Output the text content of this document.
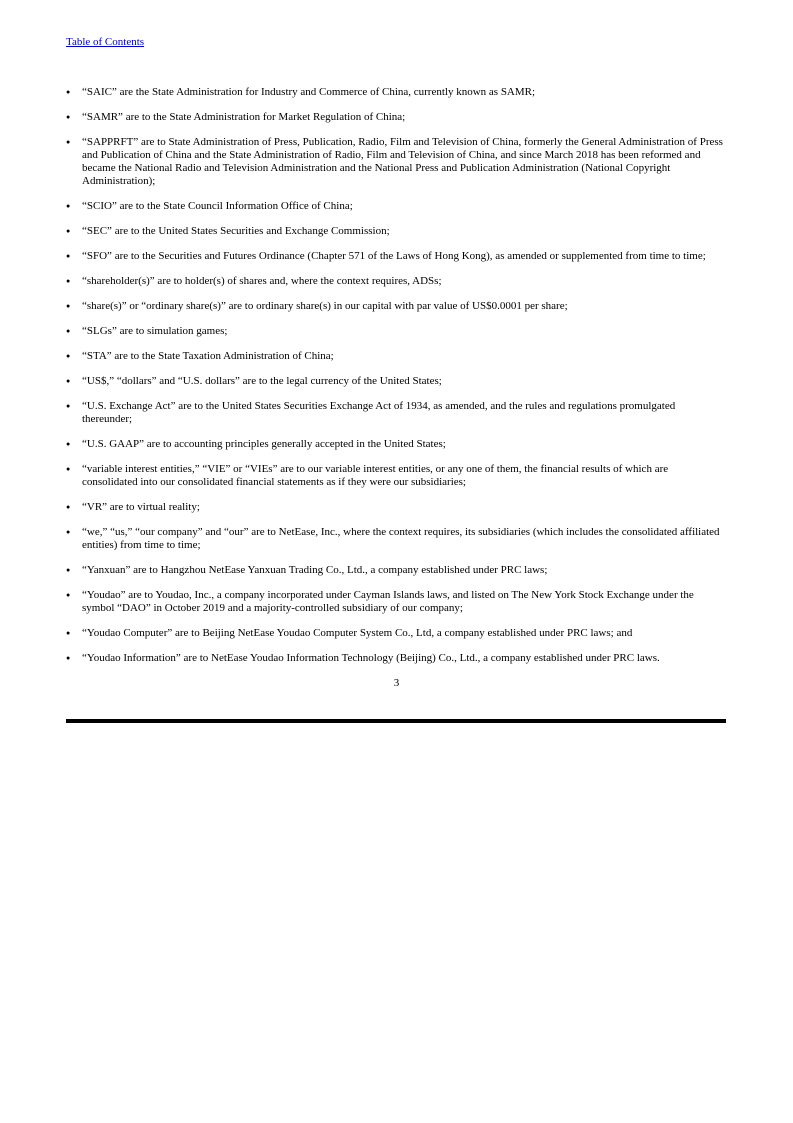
Table of Contents
● “SAIC” are the State Administration for Industry and Commerce of China, currently known as SAMR;
● “SAMR” are to the State Administration for Market Regulation of China;
● “SAPPRFT” are to State Administration of Press, Publication, Radio, Film and Television of China, formerly the General Administration of Press and Publication of China and the State Administration of Radio, Film and Television of China, and since March 2018 has been reformed and became the National Radio and Television Administration and the National Press and Publication Administration (National Copyright Administration);
● “SCIO” are to the State Council Information Office of China;
● “SEC” are to the United States Securities and Exchange Commission;
● “SFO” are to the Securities and Futures Ordinance (Chapter 571 of the Laws of Hong Kong), as amended or supplemented from time to time;
● “shareholder(s)” are to holder(s) of shares and, where the context requires, ADSs;
● “share(s)” or “ordinary share(s)” are to ordinary share(s) in our capital with par value of US$0.0001 per share;
● “SLGs” are to simulation games;
● “STA” are to the State Taxation Administration of China;
● “US$,” “dollars” and “U.S. dollars” are to the legal currency of the United States;
● “U.S. Exchange Act” are to the United States Securities Exchange Act of 1934, as amended, and the rules and regulations promulgated thereunder;
● “U.S. GAAP” are to accounting principles generally accepted in the United States;
● “variable interest entities,” “VIE” or “VIEs” are to our variable interest entities, or any one of them, the financial results of which are consolidated into our consolidated financial statements as if they were our subsidiaries;
● “VR” are to virtual reality;
● “we,” “us,” “our company” and “our” are to NetEase, Inc., where the context requires, its subsidiaries (which includes the consolidated affiliated entities) from time to time;
● “Yanxuan” are to Hangzhou NetEase Yanxuan Trading Co., Ltd., a company established under PRC laws;
● “Youdao” are to Youdao, Inc., a company incorporated under Cayman Islands laws, and listed on The New York Stock Exchange under the symbol “DAO” in October 2019 and a majority-controlled subsidiary of our company;
● “Youdao Computer” are to Beijing NetEase Youdao Computer System Co., Ltd, a company established under PRC laws; and
● “Youdao Information” are to NetEase Youdao Information Technology (Beijing) Co., Ltd., a company established under PRC laws.
3
